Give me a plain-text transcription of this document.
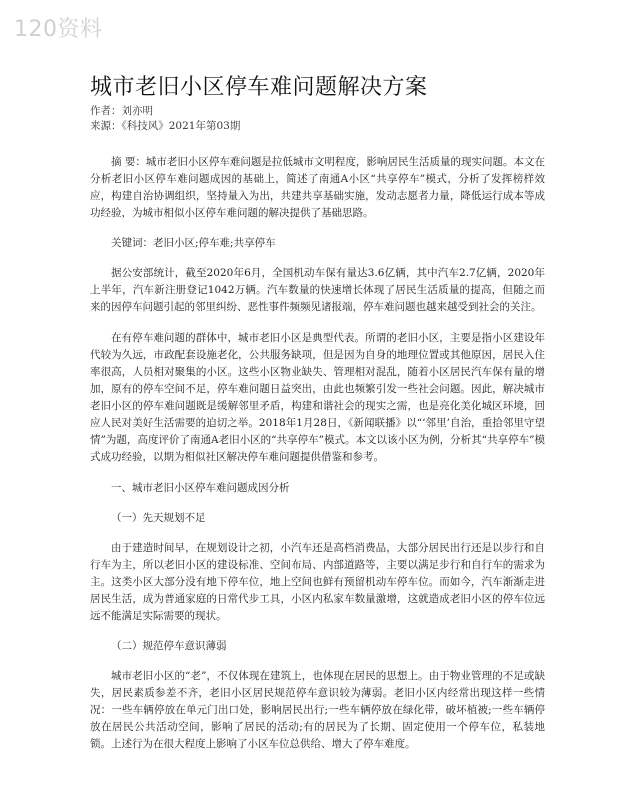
120资料
城市老旧小区停车难问题解决方案
作者：刘亦明
来源：《科技风》2021年第03期

摘 要：城市老旧小区停车难问题是拉低城市文明程度，影响居民生活质量的现实问题。本文在分析老旧小区停车难问题成因的基础上，简述了南通A小区“共享停车”模式，分析了发挥榜样效应，构建自治协调组织，坚持量入为出，共建共享基础实施，发动志愿者力量，降低运行成本等成功经验，为城市相似小区停车难问题的解决提供了基础思路。

关键词：老旧小区;停车难;共享停车

据公安部统计，截至2020年6月，全国机动车保有量达3.6亿辆，其中汽车2.7亿辆，2020年上半年，汽车新注册登记1042万辆。汽车数量的快速增长体现了居民生活质量的提高，但随之而来的因停车问题引起的邻里纠纷、恶性事件频频见诸报端，停车难问题也越来越受到社会的关注。

在有停车难问题的群体中，城市老旧小区是典型代表。所谓的老旧小区，主要是指小区建设年代较为久远，市政配套设施老化，公共服务缺项，但是因为自身的地理位置或其他原因，居民入住率很高，人员相对聚集的小区。这些小区物业缺失、管理相对混乱，随着小区居民汽车保有量的增加，原有的停车空间不足，停车难问题日益突出，由此也频繁引发一些社会问题。因此，解决城市老旧小区的停车难问题既是缓解邻里矛盾，构建和谐社会的现实之需，也是亮化美化城区环境，回应人民对美好生活需要的迫切之举。2018年1月28日，《新闻联播》以“‘邻里’自治，重拾邻里守望情”为题，高度评价了南通A老旧小区的“共享停车”模式。本文以该小区为例，分析其“共享停车”模式成功经验，以期为相似社区解决停车难问题提供借鉴和参考。

一、城市老旧小区停车难问题成因分析

（一）先天规划不足

由于建造时间早，在规划设计之初，小汽车还是高档消费品，大部分居民出行还是以步行和自行车为主，所以老旧小区的建设标准、空间布局、内部道路等，主要以满足步行和自行车的需求为主。这类小区大部分没有地下停车位，地上空间也鲜有预留机动车停车位。而如今，汽车渐渐走进居民生活，成为普通家庭的日常代步工具，小区内私家车数量激增，这就造成老旧小区的停车位远远不能满足实际需要的现状。

（二）规范停车意识薄弱

城市老旧小区的“老”，不仅体现在建筑上，也体现在居民的思想上。由于物业管理的不足或缺失，居民素质参差不齐，老旧小区居民规范停车意识较为薄弱。老旧小区内经常出现这样一些情况：一些车辆停放在单元门出口处，影响居民出行;一些车辆停放在绿化带，破坏植被;一些车辆停放在居民公共活动空间，影响了居民的活动;有的居民为了长期、固定使用一个停车位，私装地锁。上述行为在很大程度上影响了小区车位总供给、增大了停车难度。
